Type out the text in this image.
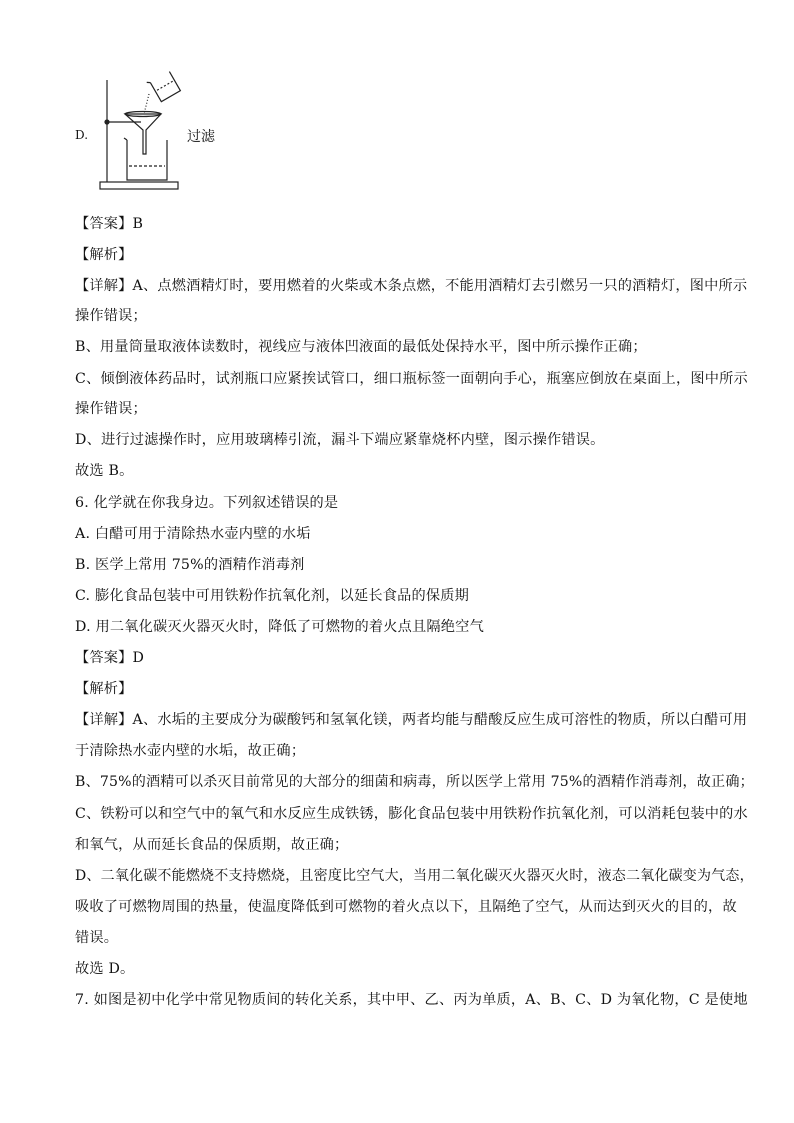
D.	过滤
【答案】B
【解析】
【详解】A、点燃酒精灯时，要用燃着的火柴或木条点燃，不能用酒精灯去引燃另一只的酒精灯，图中所示
操作错误；
B、用量筒量取液体读数时，视线应与液体凹液面的最低处保持水平，图中所示操作正确；
C、倾倒液体药品时，试剂瓶口应紧挨试管口，细口瓶标签一面朝向手心，瓶塞应倒放在桌面上，图中所示
操作错误；
D、进行过滤操作时，应用玻璃棒引流，漏斗下端应紧靠烧杯内壁，图示操作错误。
故选 B。
6. 化学就在你我身边。下列叙述错误的是
A. 白醋可用于清除热水壶内壁的水垢
B. 医学上常用 75%的酒精作消毒剂
C. 膨化食品包装中可用铁粉作抗氧化剂，以延长食品的保质期
D. 用二氧化碳灭火器灭火时，降低了可燃物的着火点且隔绝空气
【答案】D
【解析】
【详解】A、水垢的主要成分为碳酸钙和氢氧化镁，两者均能与醋酸反应生成可溶性的物质，所以白醋可用
于清除热水壶内壁的水垢，故正确；
B、75%的酒精可以杀灭目前常见的大部分的细菌和病毒，所以医学上常用 75%的酒精作消毒剂，故正确；
C、铁粉可以和空气中的氧气和水反应生成铁锈，膨化食品包装中用铁粉作抗氧化剂，可以消耗包装中的水
和氧气，从而延长食品的保质期，故正确；
D、二氧化碳不能燃烧不支持燃烧，且密度比空气大，当用二氧化碳灭火器灭火时，液态二氧化碳变为气态，
吸收了可燃物周围的热量，使温度降低到可燃物的着火点以下，且隔绝了空气，从而达到灭火的目的，故
错误。
故选 D。
7. 如图是初中化学中常见物质间的转化关系，其中甲、乙、丙为单质，A、B、C、D 为氧化物，C 是使地
